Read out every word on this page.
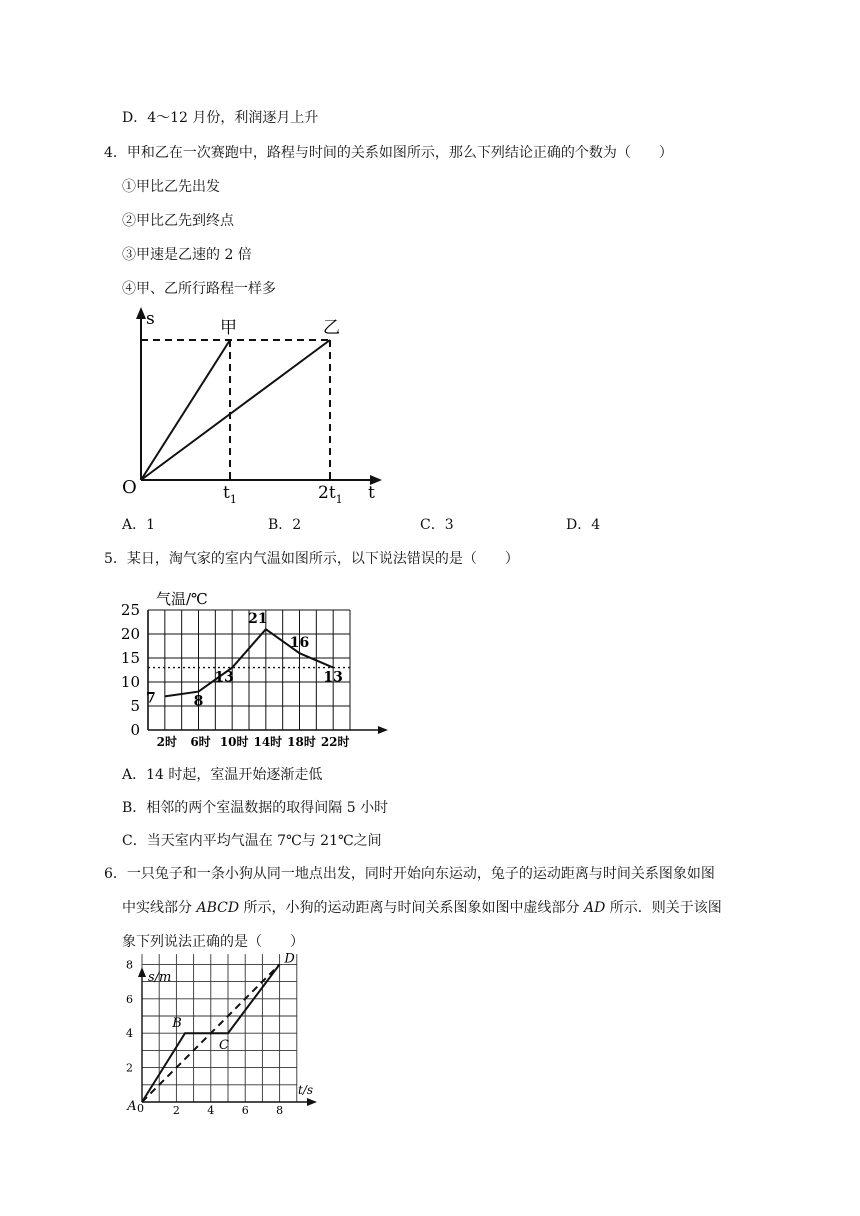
D．4～12 月份，利润逐月上升
4．甲和乙在一次赛跑中，路程与时间的关系如图所示，那么下列结论正确的个数为（　　）
①甲比乙先出发
②甲比乙先到终点
③甲速是乙速的 2 倍
④甲、乙所行路程一样多
s	甲	乙
O	$t_1$	$2t_1$ t
A．1	B．2	C．3	D．4
5．某日，淘气家的室内气温如图所示，以下说法错误的是（　　）
气温/℃
0
5
10
15
20
25
2时 6时 10时 14时 18时 22时
7	8
13
21
16
13
A．14 时起，室温开始逐渐走低
B．相邻的两个室温数据的取得间隔 5 小时
C．当天室内平均气温在 7℃与 21℃之间
6．一只兔子和一条小狗从同一地点出发，同时开始向东运动，兔子的运动距离与时间关系图象如图
中实线部分 ABCD 所示，小狗的运动距离与时间关系图象如图中虚线部分 AD 所示．则关于该图
象下列说法正确的是（　　）
s/m
t/s
0	2 4 6 8
2
4
6
8
A
B
C
D
